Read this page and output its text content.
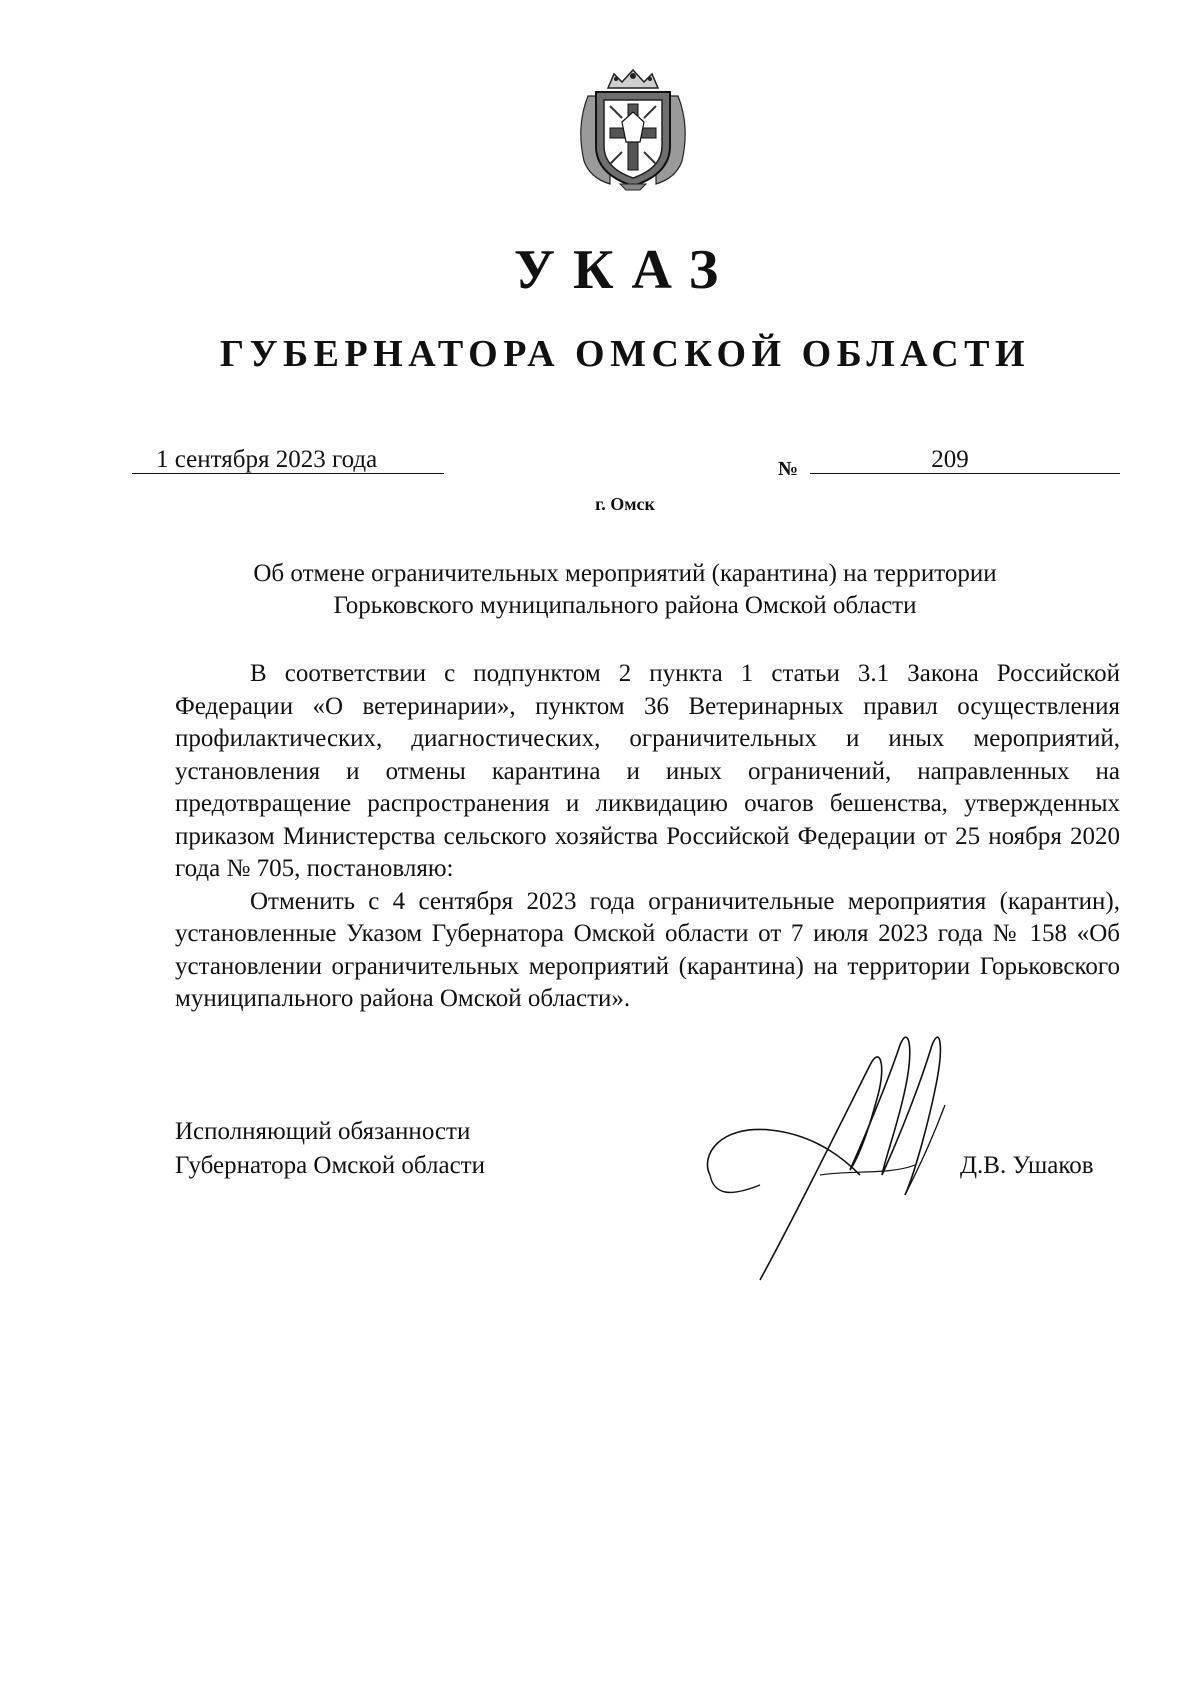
УКАЗ
ГУБЕРНАТОРА ОМСКОЙ ОБЛАСТИ
1 сентября 2023 года	№	209
г. Омск
Об отмене ограничительных мероприятий (карантина) на территории
Горьковского муниципального района Омской области

В соответствии с подпунктом 2 пункта 1 статьи 3.1 Закона Российской Федерации «О ветеринарии», пунктом 36 Ветеринарных правил осуществления профилактических, диагностических, ограничительных и иных мероприятий, установления и отмены карантина и иных ограничений, направленных на предотвращение распространения и ликвидацию очагов бешенства, утвержденных приказом Министерства сельского хозяйства Российской Федерации от 25 ноября 2020 года № 705, постановляю:

Отменить с 4 сентября 2023 года ограничительные мероприятия (карантин), установленные Указом Губернатора Омской области от 7 июля 2023 года № 158 «Об установлении ограничительных мероприятий (карантина) на территории Горьковского муниципального района Омской области».

Исполняющий обязанности
Губернатора Омской области	Д.В. Ушаков
